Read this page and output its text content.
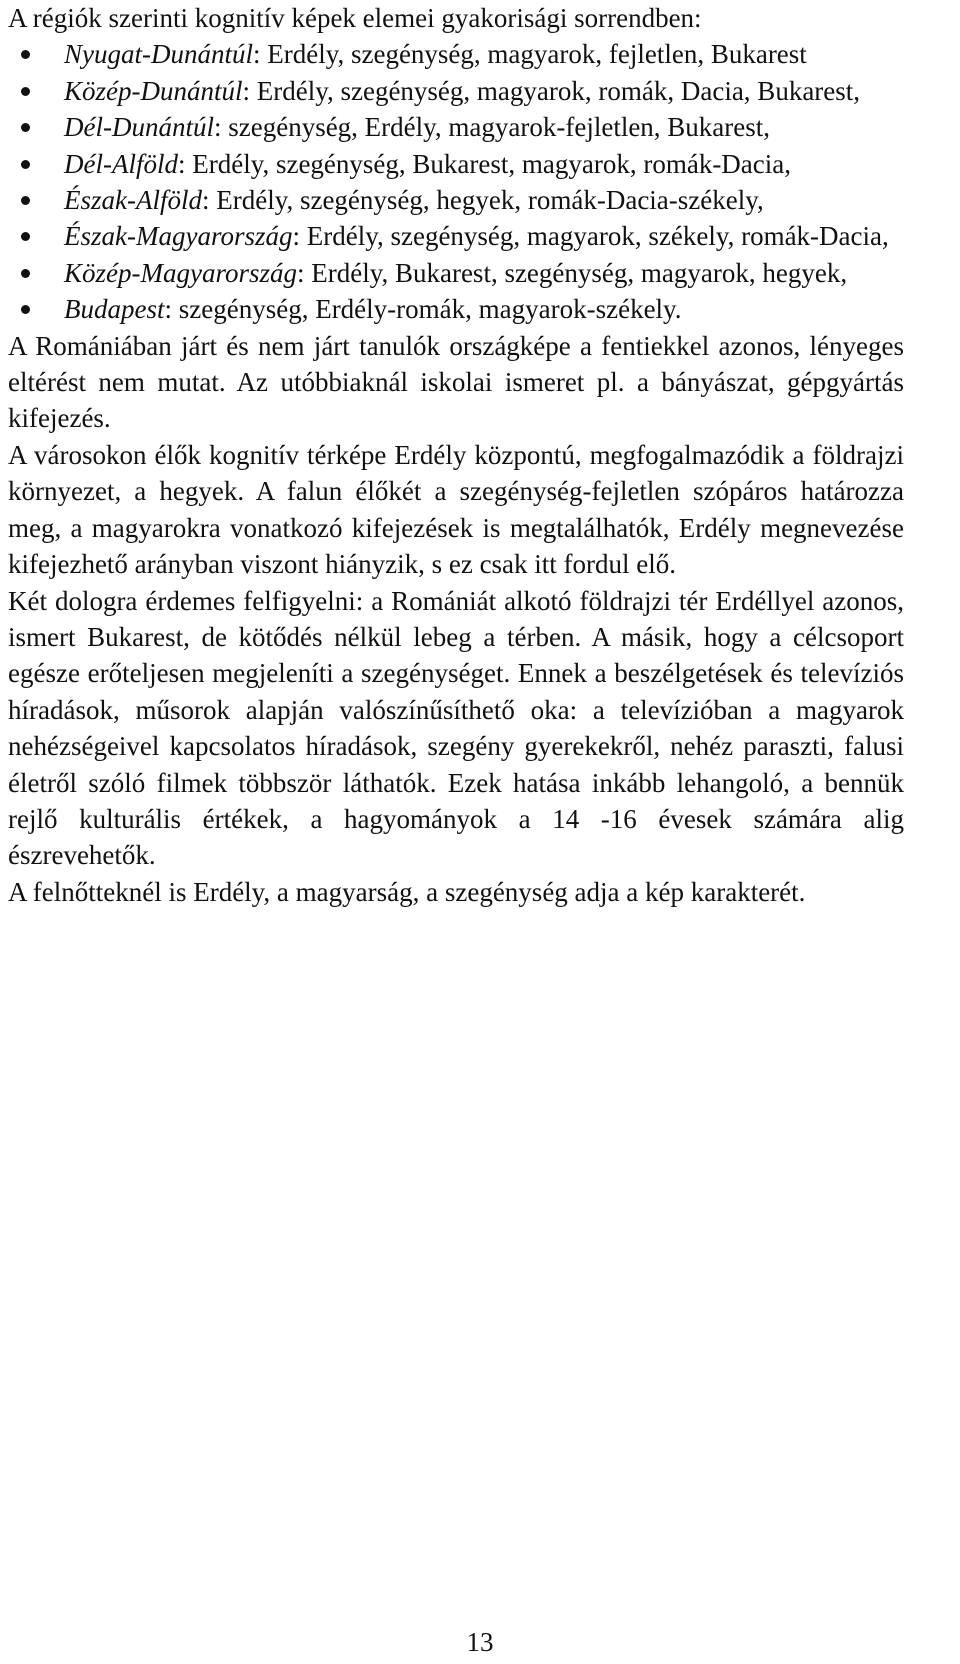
A régiók szerinti kognitív képek elemei gyakorisági sorrendben:

Nyugat-Dunántúl: Erdély, szegénység, magyarok, fejletlen, Bukarest
Közép-Dunántúl: Erdély, szegénység, magyarok, romák, Dacia, Bukarest,
Dél-Dunántúl: szegénység, Erdély, magyarok-fejletlen, Bukarest,
Dél-Alföld: Erdély, szegénység, Bukarest, magyarok, romák-Dacia,
Észak-Alföld: Erdély, szegénység, hegyek, romák-Dacia-székely,
Észak-Magyarország: Erdély, szegénység, magyarok, székely, romák-Dacia,
Közép-Magyarország: Erdély, Bukarest, szegénység, magyarok, hegyek,
Budapest: szegénység, Erdély-romák, magyarok-székely.

A Romániában járt és nem járt tanulók országképe a fentiekkel azonos, lényeges eltérést nem mutat. Az utóbbiaknál iskolai ismeret pl. a bányászat, gépgyártás kifejezés.

A városokon élők kognitív térképe Erdély központú, megfogalmazódik a földrajzi környezet, a hegyek. A falun élőkét a szegénység-fejletlen szópáros határozza meg, a magyarokra vonatkozó kifejezések is megtalálhatók, Erdély megnevezése kifejezhető arányban viszont hiányzik, s ez csak itt fordul elő.

Két dologra érdemes felfigyelni: a Romániát alkotó földrajzi tér Erdéllyel azonos, ismert Bukarest, de kötődés nélkül lebeg a térben. A másik, hogy a célcsoport egésze erőteljesen megjeleníti a szegénységet. Ennek a beszélgetések és televíziós híradások, műsorok alapján valószínűsíthető oka: a televízióban a magyarok nehézségeivel kapcsolatos híradások, szegény gyerekekről, nehéz paraszti, falusi életről szóló filmek többször láthatók. Ezek hatása inkább lehangoló, a bennük rejlő kulturális értékek, a hagyományok a 14 -16 évesek számára alig észrevehetők.

A felnőtteknél is Erdély, a magyarság, a szegénység adja a kép karakterét.

13
